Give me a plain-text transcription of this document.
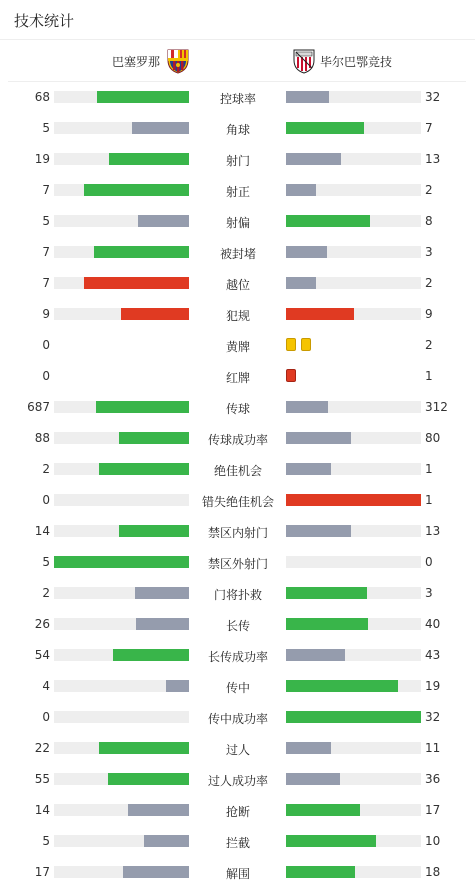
技术统计
巴塞罗那	毕尔巴鄂竞技
68	控球率	32
5	角球	7
19	射门	13
7	射正	2
5	射偏	8
7	被封堵	3
7	越位	2
9	犯规	9
0	黄牌	2
0	红牌	1
687	传球	312
88	传球成功率	80
2	绝佳机会	1
0	错失绝佳机会	1
14	禁区内射门	13
5	禁区外射门	0
2	门将扑救	3
26	长传	40
54	长传成功率	43
4	传中	19
0	传中成功率	32
22	过人	11
55	过人成功率	36
14	抢断	17
5	拦截	10
17	解围	18
